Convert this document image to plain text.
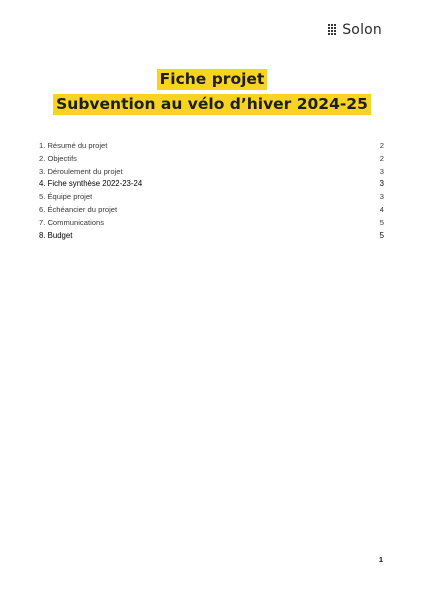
Solon
Fiche projet
Subvention au vélo d’hiver 2024-25
1. Résumé du projet	2
2. Objectifs	2
3. Déroulement du projet	3
4. Fiche synthèse 2022-23-24	3
5. Équipe projet	3
6. Échéancier du projet	4
7. Communications	5
8. Budget	5
1
